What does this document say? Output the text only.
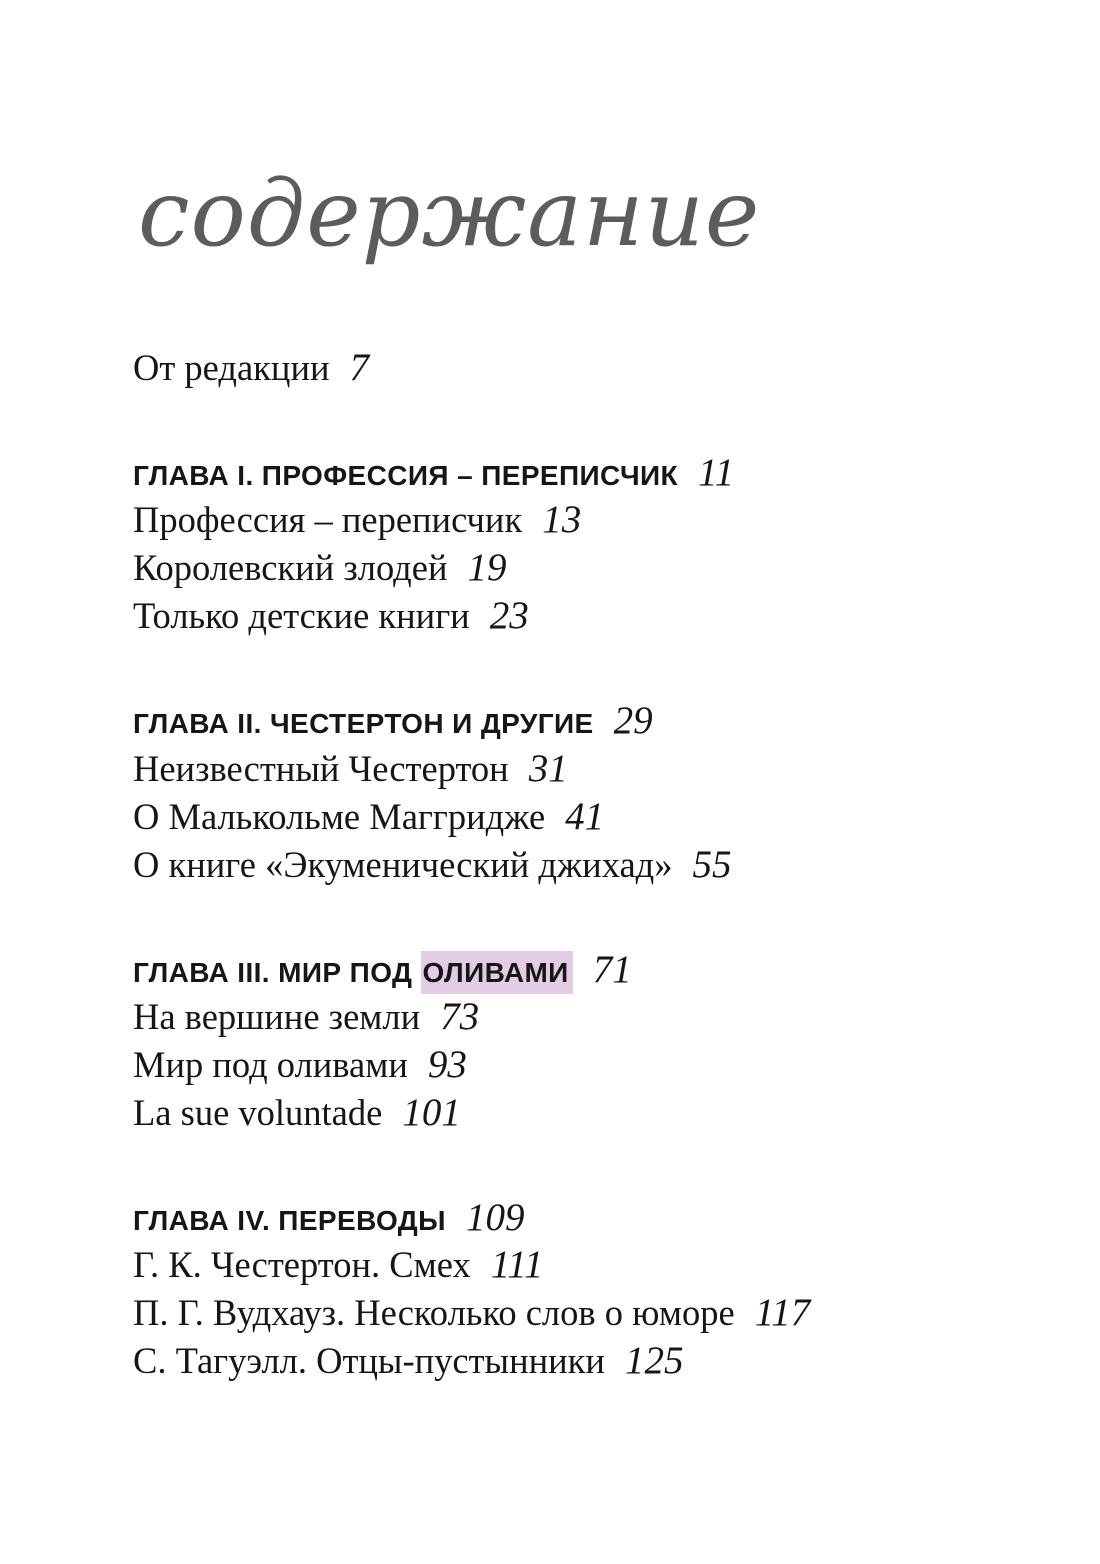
содержание
От редакции 7
ГЛАВА I. ПРОФЕССИЯ – ПЕРЕПИСЧИК 11
Профессия – переписчик 13
Королевский злодей 19
Только детские книги 23
ГЛАВА II. ЧЕСТЕРТОН И ДРУГИЕ 29
Неизвестный Честертон 31
О Малькольме Маггридже 41
О книге «Экуменический джихад» 55
ГЛАВА III. МИР ПОД ОЛИВАМИ 71
На вершине земли 73
Мир под оливами 93
La sue voluntade 101
ГЛАВА IV. ПЕРЕВОДЫ 109
Г. К. Честертон. Смех 111
П. Г. Вудхауз. Несколько слов о юморе 117
С. Тагуэлл. Отцы-пустынники 125
